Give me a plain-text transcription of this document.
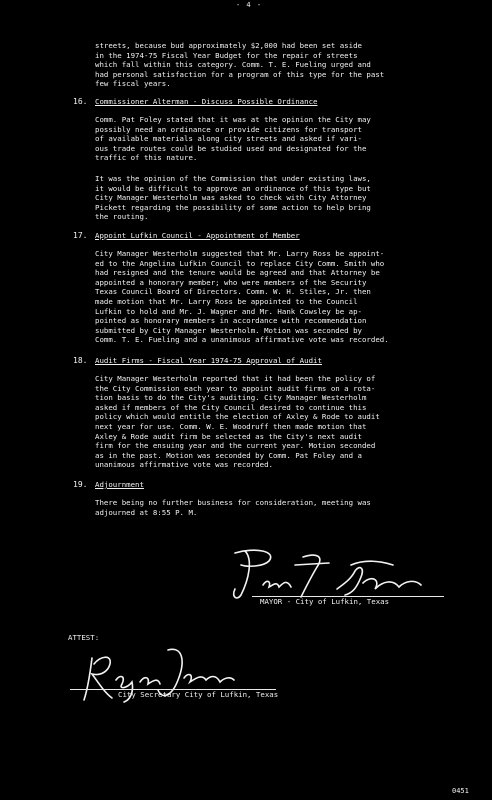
- 4 -
streets, because bud approximately $2,000 had been set aside
in the 1974-75 Fiscal Year Budget for the repair of streets
which fall within this category. Comm. T. E. Fueling urged and
had personal satisfaction for a program of this type for the past
few fiscal years.
16. Commissioner Alterman - Discuss Possible Ordinance
Comm. Pat Foley stated that it was at the opinion the City may
possibly need an ordinance or provide citizens for transport
of available materials along city streets and asked if vari-
ous trade routes could be studied used and designated for the
traffic of this nature.
It was the opinion of the Commission that under existing laws,
it would be difficult to approve an ordinance of this type but
City Manager Westerholm was asked to check with City Attorney
Pickett regarding the possibility of some action to help bring
the routing.
17. Appoint Lufkin Council - Appointment of Member
City Manager Westerholm suggested that Mr. Larry Ross be appoint-
ed to the Angelina Lufkin Council to replace City Comm. Smith who
had resigned and the tenure would be agreed and that Attorney be
appointed a honorary member; who were members of the Security
Texas Council Board of Directors. Comm. W. H. Stiles, Jr. then
made motion that Mr. Larry Ross be appointed to the Council
Lufkin to hold and Mr. J. Wagner and Mr. Hank Cowsley be ap-
pointed as honorary members in accordance with recommendation
submitted by City Manager Westerholm. Motion was seconded by
Comm. T. E. Fueling and a unanimous affirmative vote was recorded.
18. Audit Firms - Fiscal Year 1974-75 Approval of Audit
City Manager Westerholm reported that it had been the policy of
the City Commission each year to appoint audit firms on a rota-
tion basis to do the City's auditing. City Manager Westerholm
asked if members of the City Council desired to continue this
policy which would entitle the election of Axley & Rode to audit
next year for use. Comm. W. E. Woodruff then made motion that
Axley & Rode audit firm be selected as the City's next audit
firm for the ensuing year and the current year. Motion seconded
as in the past. Motion was seconded by Comm. Pat Foley and a
unanimous affirmative vote was recorded.
19. Adjournment
There being no further business for consideration, meeting was
adjourned at 8:55 P. M.
MAYOR - City of Lufkin, Texas
ATTEST:
City Secretary City of Lufkin, Texas
0451
